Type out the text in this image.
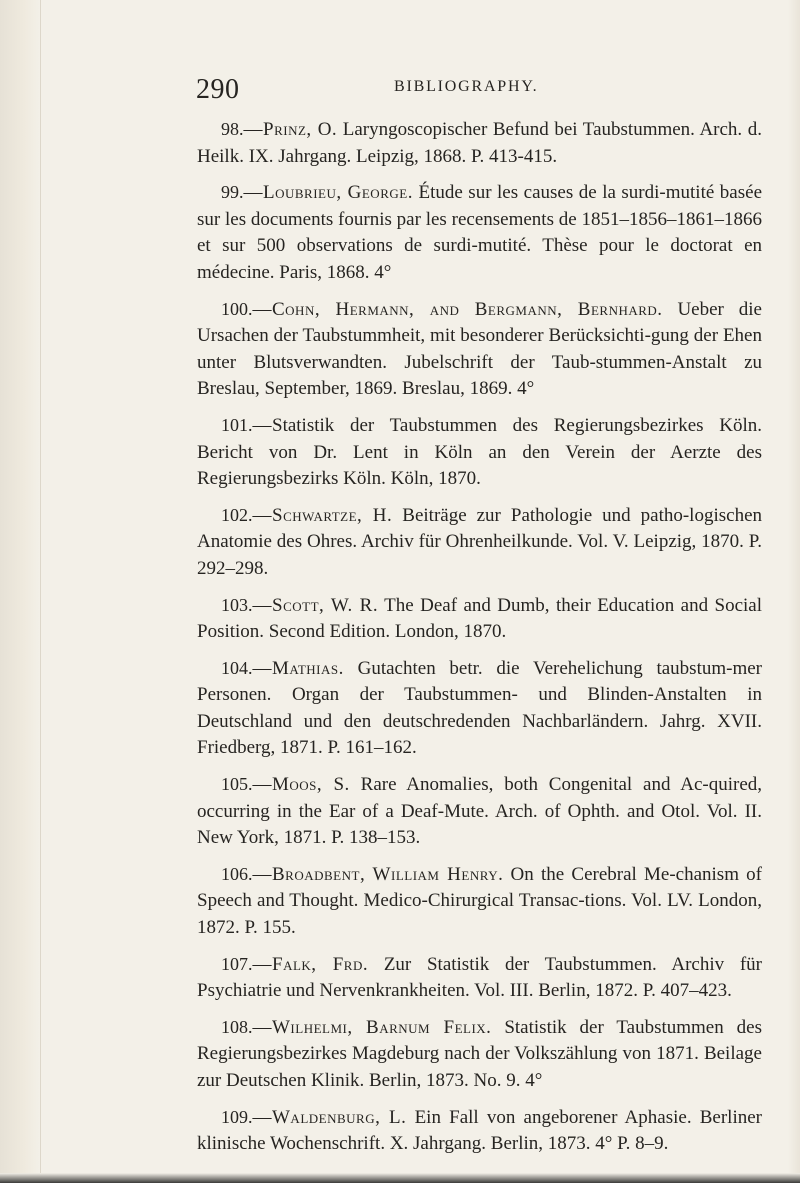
290	BIBLIOGRAPHY.

98.—Prinz, O. Laryngoscopischer Befund bei Taubstummen. Arch. d. Heilk. IX. Jahrgang. Leipzig, 1868. P. 413-415.

99.—Loubrieu, George. Étude sur les causes de la surdi-mutité basée sur les documents fournis par les recensements de 1851–1856–1861–1866 et sur 500 observations de surdi-mutité. Thèse pour le doctorat en médecine. Paris, 1868. 4°

100.—Cohn, Hermann, and Bergmann, Bernhard. Ueber die Ursachen der Taubstummheit, mit besonderer Berücksichti-gung der Ehen unter Blutsverwandten. Jubelschrift der Taub-stummen-Anstalt zu Breslau, September, 1869. Breslau, 1869. 4°

101.—Statistik der Taubstummen des Regierungsbezirkes Köln. Bericht von Dr. Lent in Köln an den Verein der Aerzte des Regierungsbezirks Köln. Köln, 1870.

102.—Schwartze, H. Beiträge zur Pathologie und patho-logischen Anatomie des Ohres. Archiv für Ohrenheilkunde. Vol. V. Leipzig, 1870. P. 292–298.

103.—Scott, W. R. The Deaf and Dumb, their Education and Social Position. Second Edition. London, 1870.

104.—Mathias. Gutachten betr. die Verehelichung taubstum-mer Personen. Organ der Taubstummen- und Blinden-Anstalten in Deutschland und den deutschredenden Nachbarländern. Jahrg. XVII. Friedberg, 1871. P. 161–162.

105.—Moos, S. Rare Anomalies, both Congenital and Ac-quired, occurring in the Ear of a Deaf-Mute. Arch. of Ophth. and Otol. Vol. II. New York, 1871. P. 138–153.

106.—Broadbent, William Henry. On the Cerebral Me-chanism of Speech and Thought. Medico-Chirurgical Transac-tions. Vol. LV. London, 1872. P. 155.

107.—Falk, Frd. Zur Statistik der Taubstummen. Archiv für Psychiatrie und Nervenkrankheiten. Vol. III. Berlin, 1872. P. 407–423.

108.—Wilhelmi, Barnum Felix. Statistik der Taubstummen des Regierungsbezirkes Magdeburg nach der Volkszählung von 1871. Beilage zur Deutschen Klinik. Berlin, 1873. No. 9. 4°

109.—Waldenburg, L. Ein Fall von angeborener Aphasie. Berliner klinische Wochenschrift. X. Jahrgang. Berlin, 1873. 4° P. 8–9.
